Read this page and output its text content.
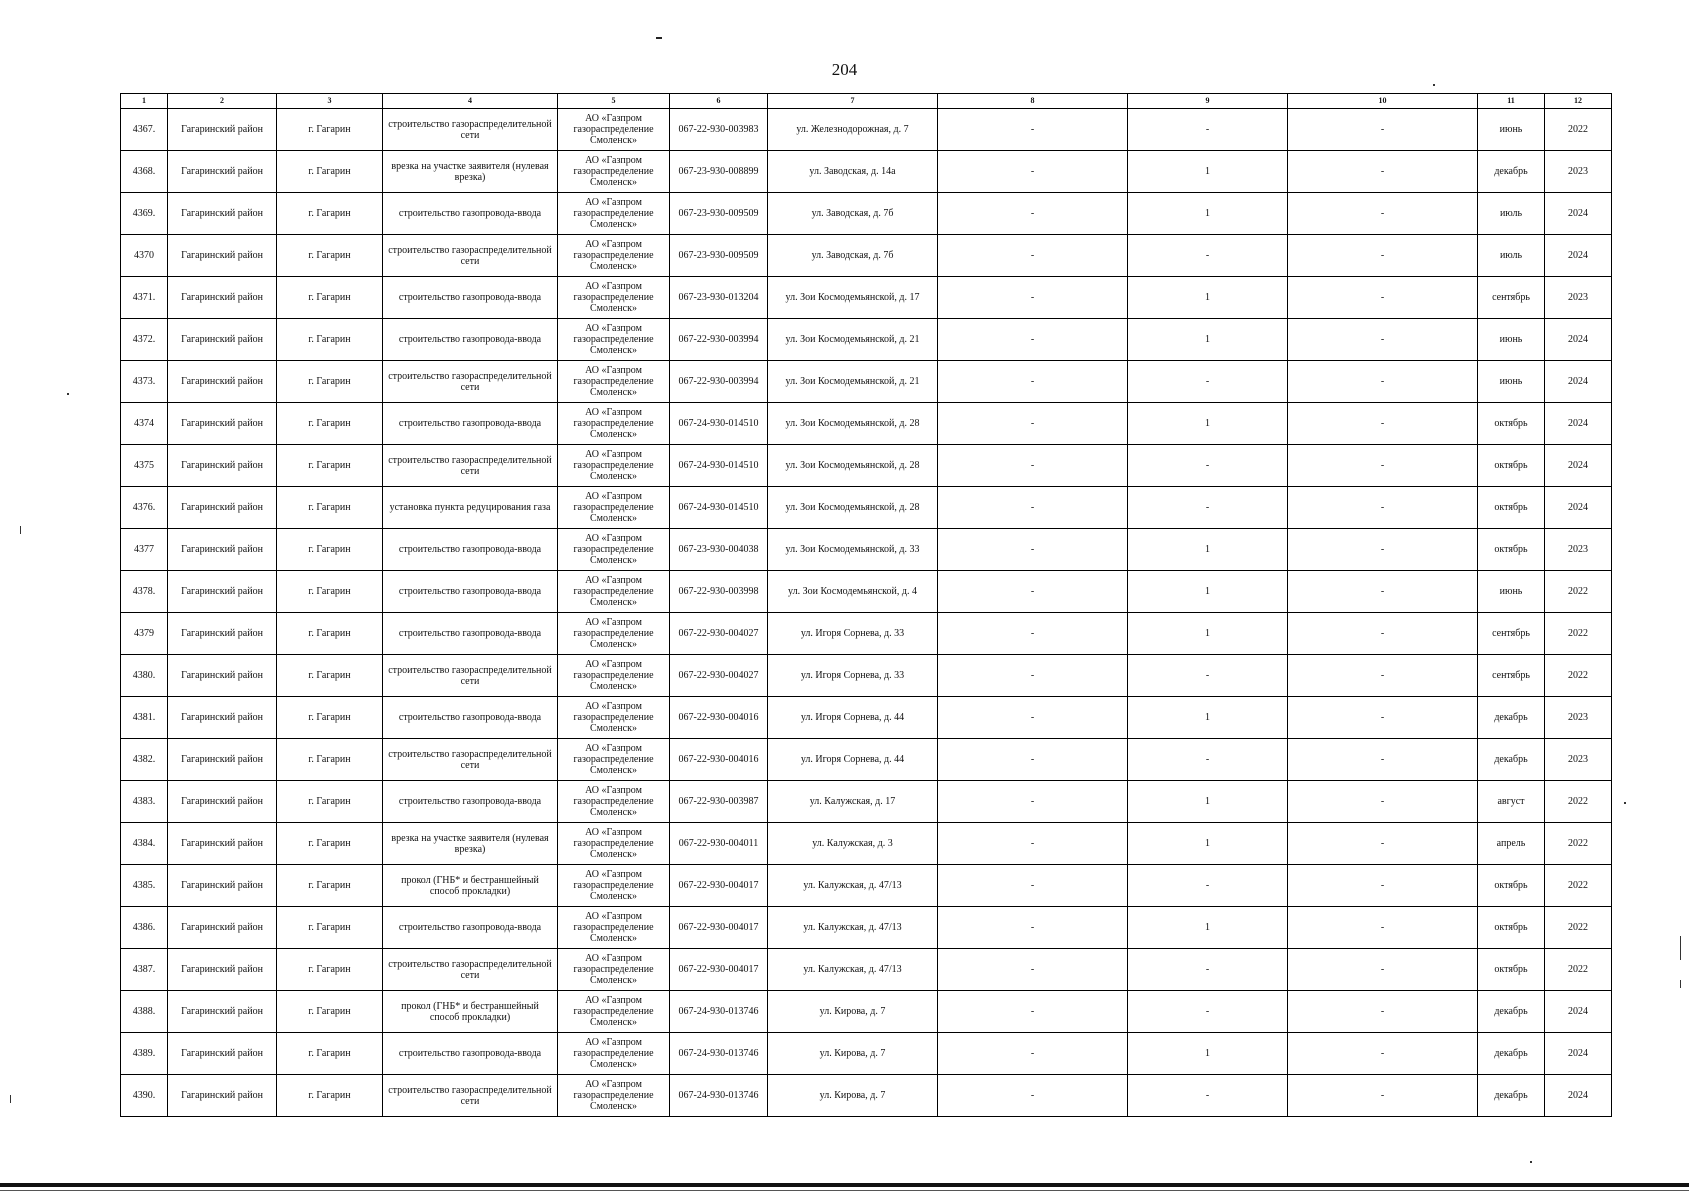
204
1	2	3	4	5	6	7	8	9	10	11	12
4367.	Гагаринский район	г. Гагарин	строительство газораспределительной сети	АО «Газпром газораспределение Смоленск»	067-22-930-003983	ул. Железнодорожная, д. 7	-	-	-	июнь	2022
4368.	Гагаринский район	г. Гагарин	врезка на участке заявителя (нулевая врезка)	АО «Газпром газораспределение Смоленск»	067-23-930-008899	ул. Заводская, д. 14а	-	1	-	декабрь	2023
4369.	Гагаринский район	г. Гагарин	строительство газопровода-ввода	АО «Газпром газораспределение Смоленск»	067-23-930-009509	ул. Заводская, д. 7б	-	1	-	июль	2024
4370	Гагаринский район	г. Гагарин	строительство газораспределительной сети	АО «Газпром газораспределение Смоленск»	067-23-930-009509	ул. Заводская, д. 7б	-	-	-	июль	2024
4371.	Гагаринский район	г. Гагарин	строительство газопровода-ввода	АО «Газпром газораспределение Смоленск»	067-23-930-013204	ул. Зои Космодемьянской, д. 17	-	1	-	сентябрь	2023
4372.	Гагаринский район	г. Гагарин	строительство газопровода-ввода	АО «Газпром газораспределение Смоленск»	067-22-930-003994	ул. Зои Космодемьянской, д. 21	-	1	-	июнь	2024
4373.	Гагаринский район	г. Гагарин	строительство газораспределительной сети	АО «Газпром газораспределение Смоленск»	067-22-930-003994	ул. Зои Космодемьянской, д. 21	-	-	-	июнь	2024
4374	Гагаринский район	г. Гагарин	строительство газопровода-ввода	АО «Газпром газораспределение Смоленск»	067-24-930-014510	ул. Зои Космодемьянской, д. 28	-	1	-	октябрь	2024
4375	Гагаринский район	г. Гагарин	строительство газораспределительной сети	АО «Газпром газораспределение Смоленск»	067-24-930-014510	ул. Зои Космодемьянской, д. 28	-	-	-	октябрь	2024
4376.	Гагаринский район	г. Гагарин	установка пункта редуцирования газа	АО «Газпром газораспределение Смоленск»	067-24-930-014510	ул. Зои Космодемьянской, д. 28	-	-	-	октябрь	2024
4377	Гагаринский район	г. Гагарин	строительство газопровода-ввода	АО «Газпром газораспределение Смоленск»	067-23-930-004038	ул. Зои Космодемьянской, д. 33	-	1	-	октябрь	2023
4378.	Гагаринский район	г. Гагарин	строительство газопровода-ввода	АО «Газпром газораспределение Смоленск»	067-22-930-003998	ул. Зои Космодемьянской, д. 4	-	1	-	июнь	2022
4379	Гагаринский район	г. Гагарин	строительство газопровода-ввода	АО «Газпром газораспределение Смоленск»	067-22-930-004027	ул. Игоря Сорнева, д. 33	-	1	-	сентябрь	2022
4380.	Гагаринский район	г. Гагарин	строительство газораспределительной сети	АО «Газпром газораспределение Смоленск»	067-22-930-004027	ул. Игоря Сорнева, д. 33	-	-	-	сентябрь	2022
4381.	Гагаринский район	г. Гагарин	строительство газопровода-ввода	АО «Газпром газораспределение Смоленск»	067-22-930-004016	ул. Игоря Сорнева, д. 44	-	1	-	декабрь	2023
4382.	Гагаринский район	г. Гагарин	строительство газораспределительной сети	АО «Газпром газораспределение Смоленск»	067-22-930-004016	ул. Игоря Сорнева, д. 44	-	-	-	декабрь	2023
4383.	Гагаринский район	г. Гагарин	строительство газопровода-ввода	АО «Газпром газораспределение Смоленск»	067-22-930-003987	ул. Калужская, д. 17	-	1	-	август	2022
4384.	Гагаринский район	г. Гагарин	врезка на участке заявителя (нулевая врезка)	АО «Газпром газораспределение Смоленск»	067-22-930-004011	ул. Калужская, д. 3	-	1	-	апрель	2022
4385.	Гагаринский район	г. Гагарин	прокол (ГНБ* и бестраншейный способ прокладки)	АО «Газпром газораспределение Смоленск»	067-22-930-004017	ул. Калужская, д. 47/13	-	-	-	октябрь	2022
4386.	Гагаринский район	г. Гагарин	строительство газопровода-ввода	АО «Газпром газораспределение Смоленск»	067-22-930-004017	ул. Калужская, д. 47/13	-	1	-	октябрь	2022
4387.	Гагаринский район	г. Гагарин	строительство газораспределительной сети	АО «Газпром газораспределение Смоленск»	067-22-930-004017	ул. Калужская, д. 47/13	-	-	-	октябрь	2022
4388.	Гагаринский район	г. Гагарин	прокол (ГНБ* и бестраншейный способ прокладки)	АО «Газпром газораспределение Смоленск»	067-24-930-013746	ул. Кирова, д. 7	-	-	-	декабрь	2024
4389.	Гагаринский район	г. Гагарин	строительство газопровода-ввода	АО «Газпром газораспределение Смоленск»	067-24-930-013746	ул. Кирова, д. 7	-	1	-	декабрь	2024
4390.	Гагаринский район	г. Гагарин	строительство газораспределительной сети	АО «Газпром газораспределение Смоленск»	067-24-930-013746	ул. Кирова, д. 7	-	-	-	декабрь	2024
